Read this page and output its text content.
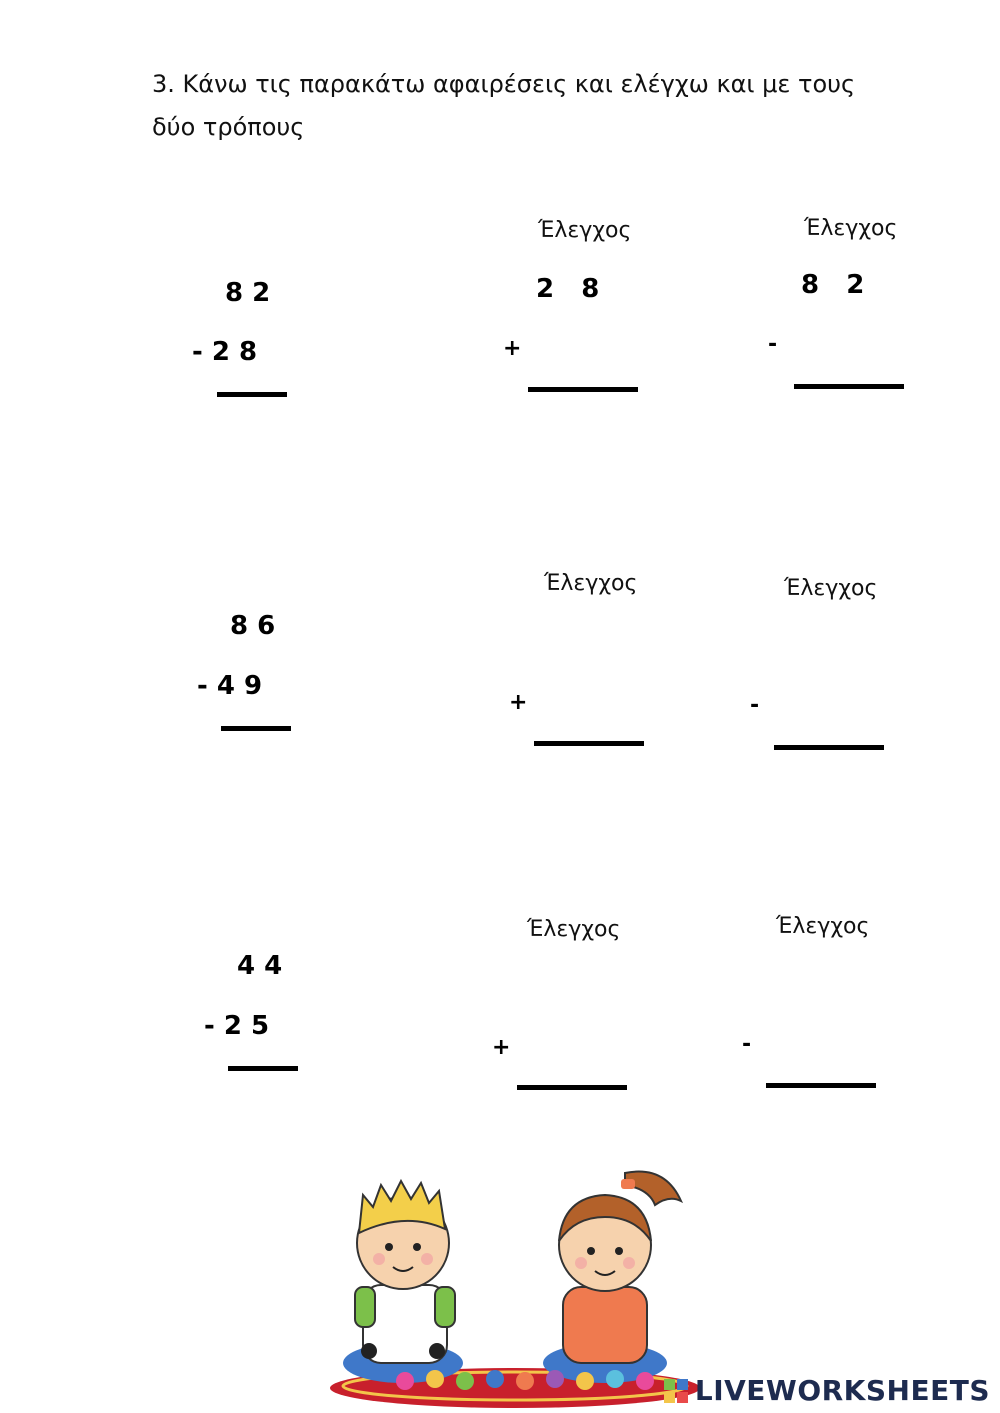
3. Κάνω τις παρακάτω αφαιρέσεις και ελέγχω και με τους
δύο τρόπους
8 2
- 2 8
Έλεγχος
2   8
+
Έλεγχος
8   2
-
8 6
- 4 9
Έλεγχος
+
Έλεγχος
-
4 4
- 2 5
Έλεγχος
+
Έλεγχος
-
LIVEWORKSHEETS
